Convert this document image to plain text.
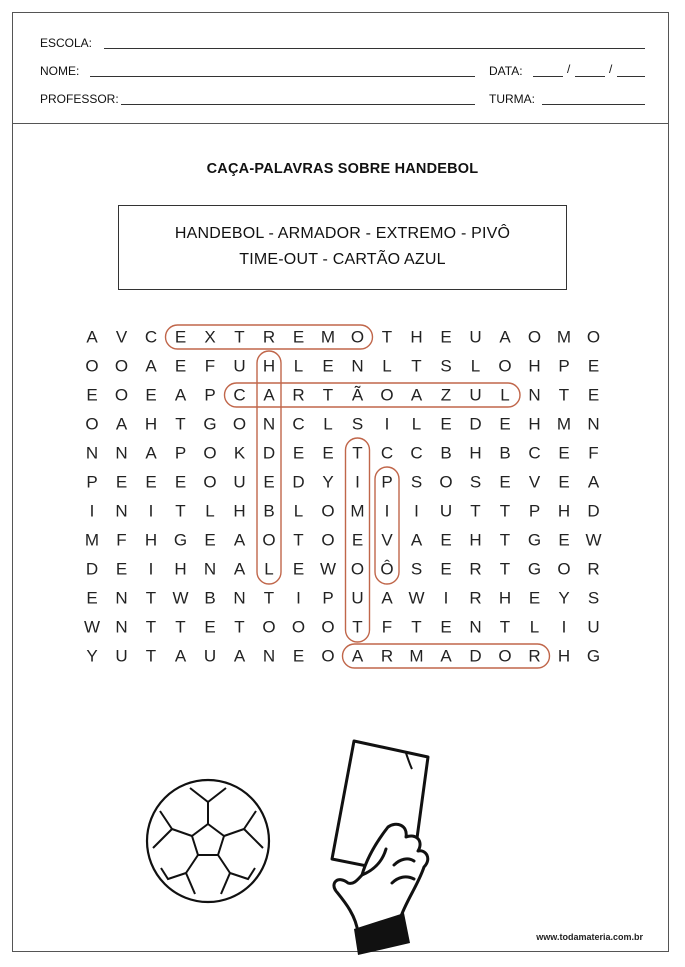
ESCOLA:
NOME:	DATA:	/	/
PROFESSOR:	TURMA:
CAÇA-PALAVRAS SOBRE HANDEBOL
HANDEBOL - ARMADOR - EXTREMO - PIVÔ
TIME-OUT - CARTÃO AZUL
A V C E X T R E M O T H E U A O M O
O O A E F U H L E N L T S L O H P E
E O E A P C A R T Ã O A Z U L N T E
O A H T G O N C L S I L E D E H M N
N N A P O K D E E T C C B H B C E F
P E E E O U E D Y I P S O S E V E A
I N I T L H B L O M I I U T T P H D
M F H G E A O T O E V A E H T G E W
D E I H N A L E W O Ô S E R T G O R
E N T W B N T I P U A W I R H E Y S
W N T T E T O O O T F T E N T L I U
Y U T A U A N E O A R M A D O R H G
www.todamateria.com.br
